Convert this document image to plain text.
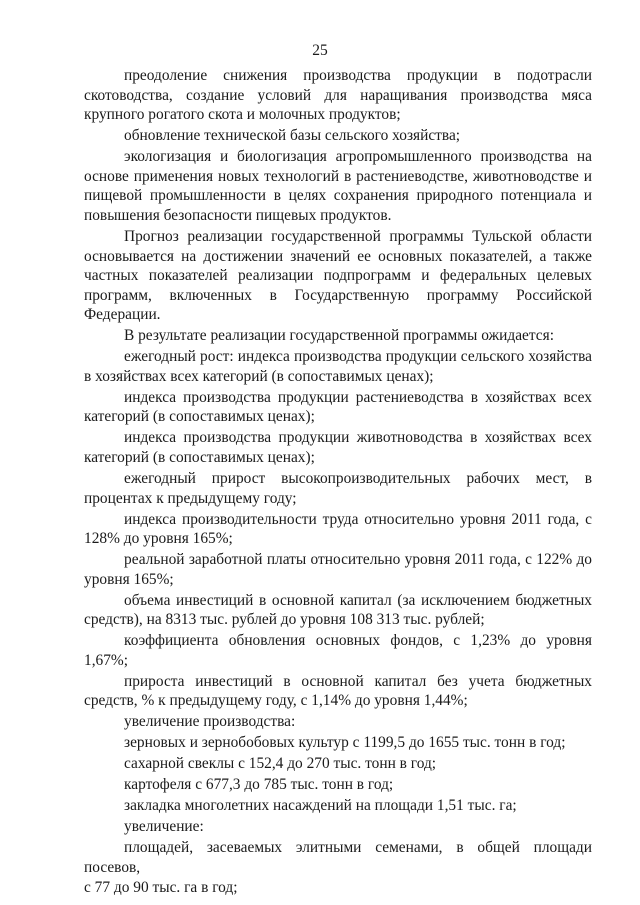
25
преодоление снижения производства продукции в подотрасли
скотоводства, создание условий для наращивания производства мяса
крупного рогатого скота и молочных продуктов;
обновление технической базы сельского хозяйства;
экологизация и биологизация агропромышленного производства на
основе применения новых технологий в растениеводстве, животноводстве и
пищевой промышленности в целях сохранения природного потенциала и
повышения безопасности пищевых продуктов.
Прогноз реализации государственной программы Тульской области
основывается на достижении значений ее основных показателей, а также
частных показателей реализации подпрограмм и федеральных целевых
программ, включенных в Государственную программу Российской
Федерации.
В результате реализации государственной программы ожидается:
ежегодный рост: индекса производства продукции сельского хозяйства
в хозяйствах всех категорий (в сопоставимых ценах);
индекса производства продукции растениеводства в хозяйствах всех
категорий (в сопоставимых ценах);
индекса производства продукции животноводства в хозяйствах всех
категорий (в сопоставимых ценах);
ежегодный прирост высокопроизводительных рабочих мест, в
процентах к предыдущему году;
индекса производительности труда относительно уровня 2011 года, с
128% до уровня 165%;
реальной заработной платы относительно уровня 2011 года, с 122% до
уровня 165%;
объема инвестиций в основной капитал (за исключением бюджетных
средств), на 8313 тыс. рублей до уровня 108 313 тыс. рублей;
коэффициента обновления основных фондов, с 1,23% до уровня 1,67%;
прироста инвестиций в основной капитал без учета бюджетных
средств, % к предыдущему году, с 1,14% до уровня 1,44%;
увеличение производства:
зерновых и зернобобовых культур с 1199,5 до 1655 тыс. тонн в год;
сахарной свеклы с 152,4 до 270 тыс. тонн в год;
картофеля с 677,3 до 785 тыс. тонн в год;
закладка многолетних насаждений на площади 1,51 тыс. га;
увеличение:
площадей, засеваемых элитными семенами, в общей площади посевов,
с 77 до 90 тыс. га в год;
